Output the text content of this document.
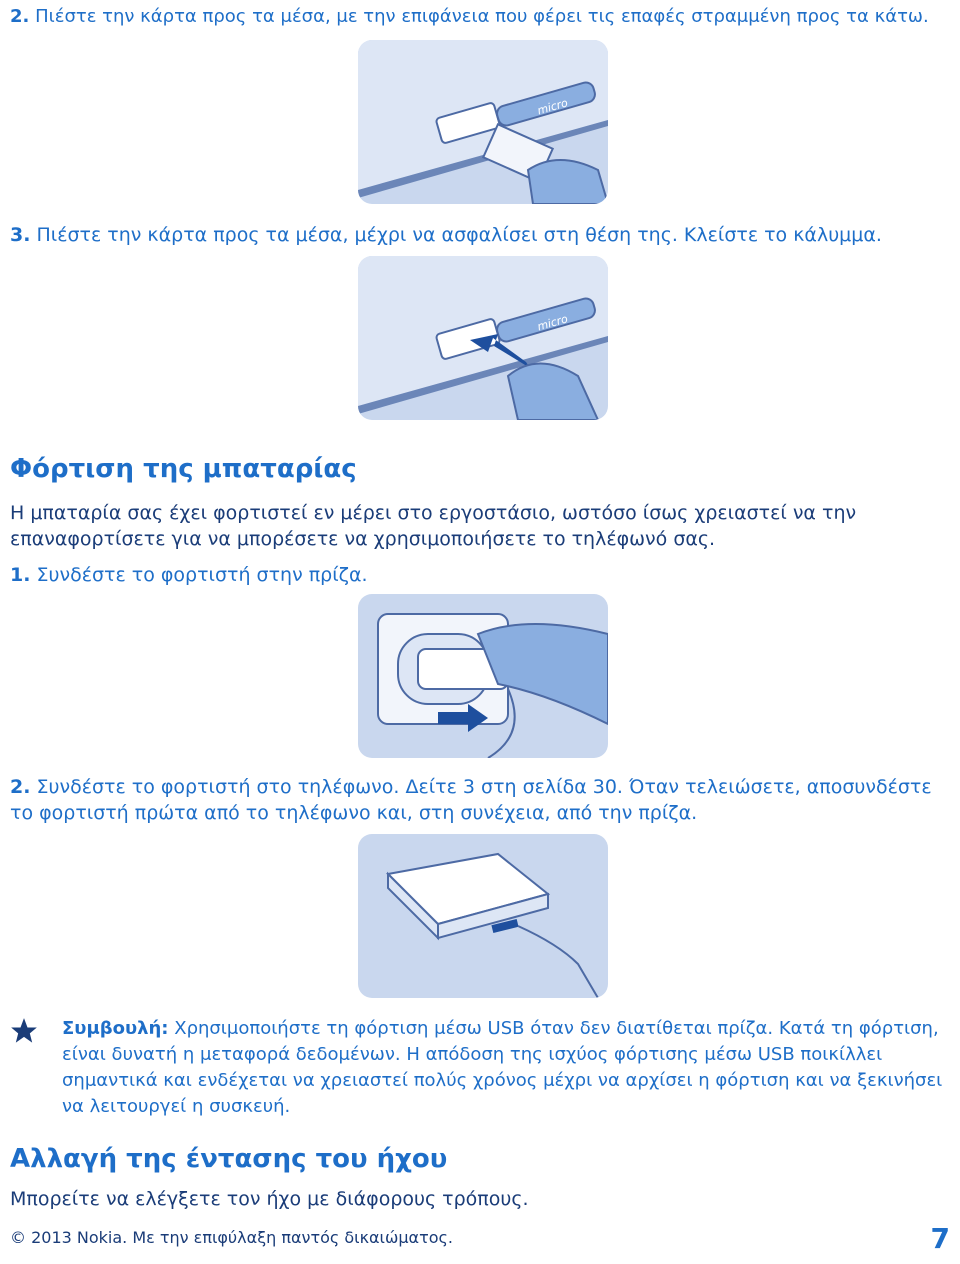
2. Πιέστε την κάρτα προς τα μέσα, με την επιφάνεια που φέρει τις επαφές στραμμένη προς τα κάτω.

micro

3. Πιέστε την κάρτα προς τα μέσα, μέχρι να ασφαλίσει στη θέση της. Κλείστε το κάλυμμα.

micro
Φόρτιση της μπαταρίας

Η μπαταρία σας έχει φορτιστεί εν μέρει στο εργοστάσιο, ωστόσο ίσως χρειαστεί να την επαναφορτίσετε για να μπορέσετε να χρησιμοποιήσετε το τηλέφωνό σας.

1. Συνδέστε το φορτιστή στην πρίζα.

2. Συνδέστε το φορτιστή στο τηλέφωνο. Δείτε 3 στη σελίδα 30. Όταν τελειώσετε, αποσυνδέστε το φορτιστή πρώτα από το τηλέφωνο και, στη συνέχεια, από την πρίζα.

Συμβουλή: Χρησιμοποιήστε τη φόρτιση μέσω USB όταν δεν διατίθεται πρίζα. Κατά τη φόρτιση, είναι δυνατή η μεταφορά δεδομένων. Η απόδοση της ισχύος φόρτισης μέσω USB ποικίλλει σημαντικά και ενδέχεται να χρειαστεί πολύς χρόνος μέχρι να αρχίσει η φόρτιση και να ξεκινήσει να λειτουργεί η συσκευή.

Αλλαγή της έντασης του ήχου

Μπορείτε να ελέγξετε τον ήχο με διάφορους τρόπους.

© 2013 Nokia. Με την επιφύλαξη παντός δικαιώματος.	7
